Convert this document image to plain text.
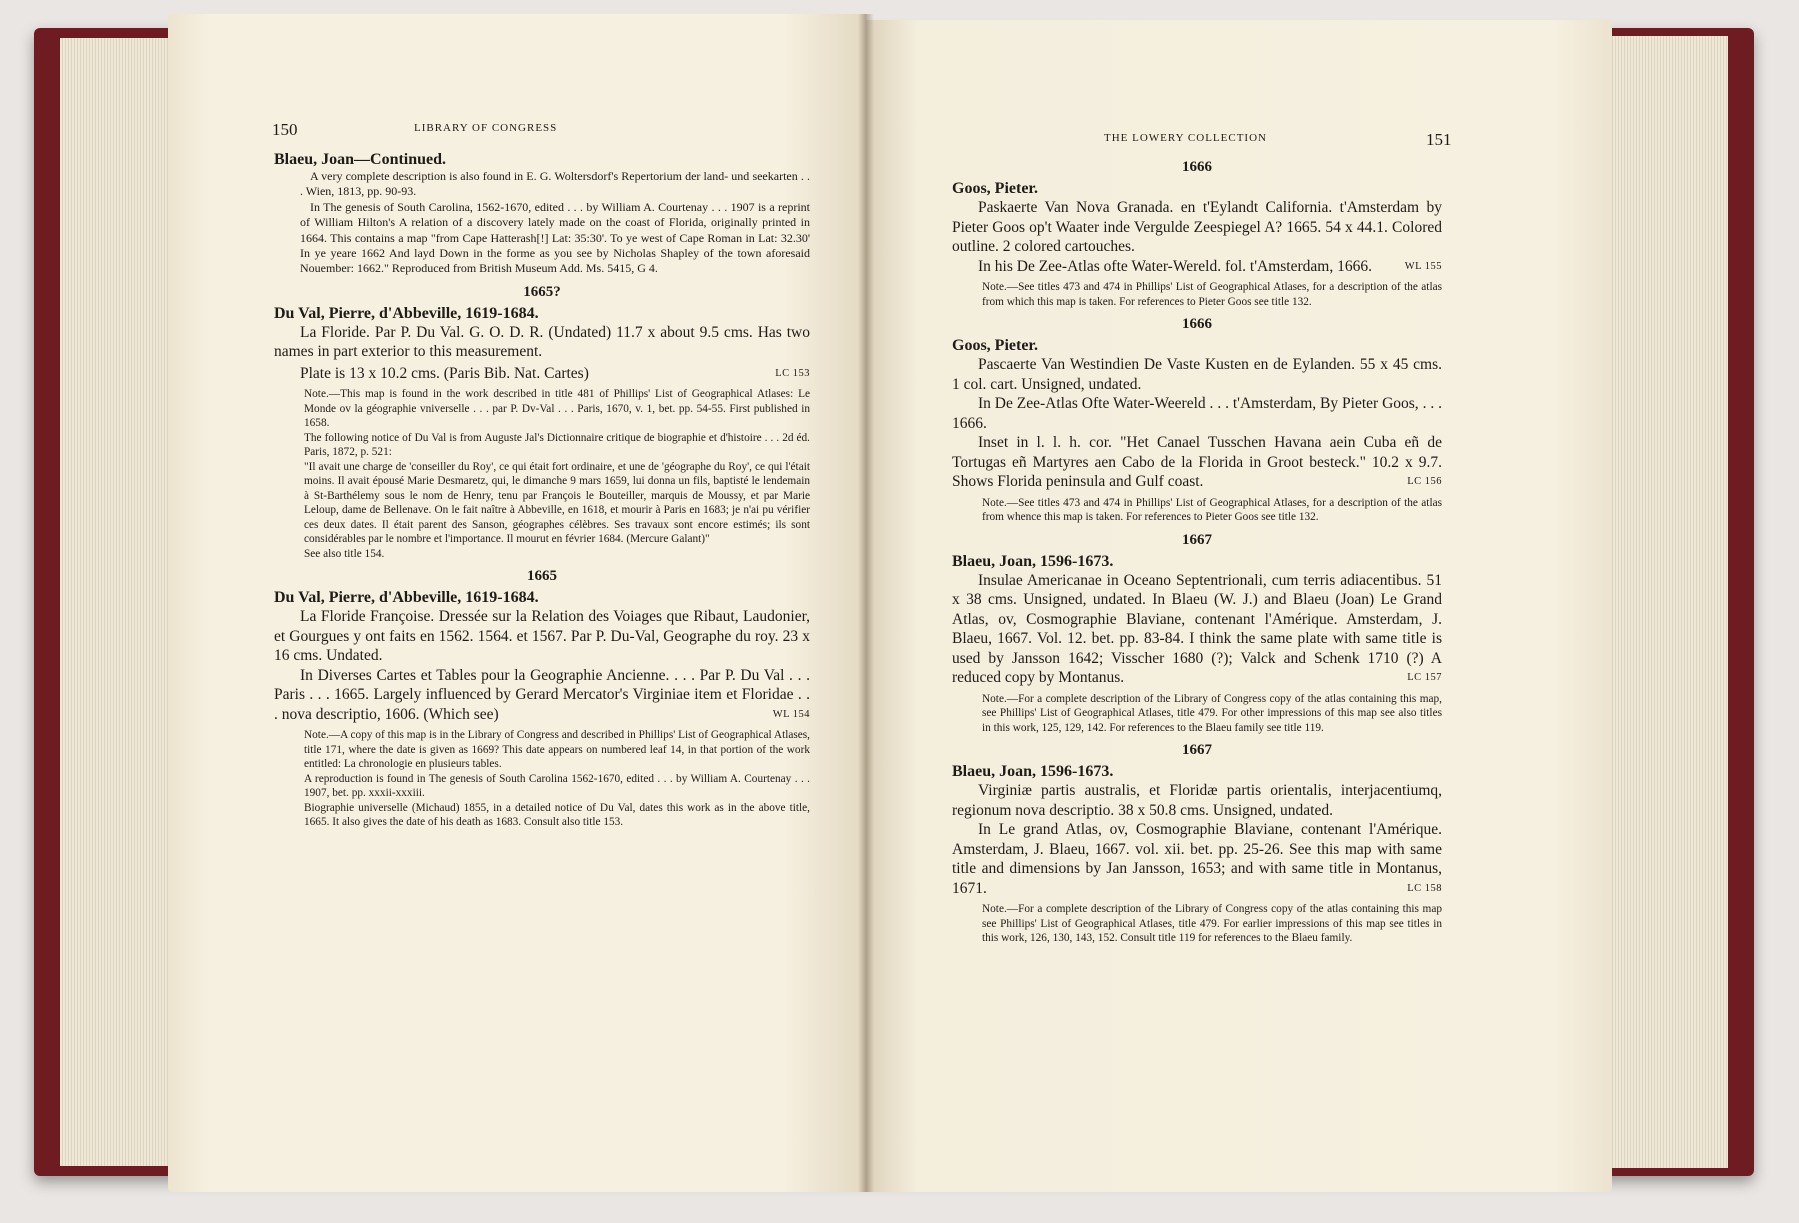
150	LIBRARY OF CONGRESS

Blaeu, Joan—Continued.

A very complete description is also found in E. G. Woltersdorf's Repertorium der land- und seekarten . . . Wien, 1813, pp. 90-93.

In The genesis of South Carolina, 1562-1670, edited . . . by William A. Courtenay . . . 1907 is a reprint of William Hilton's A relation of a discovery lately made on the coast of Florida, originally printed in 1664. This contains a map "from Cape Hatterash[!] Lat: 35:30'. To ye west of Cape Roman in Lat: 32.30' In ye yeare 1662 And layd Down in the forme as you see by Nicholas Shapley of the town aforesaid Nouember: 1662." Reproduced from British Museum Add. Ms. 5415, G 4.

1665?

Du Val, Pierre, d'Abbeville, 1619-1684.

La Floride. Par P. Du Val. G. O. D. R. (Undated) 11.7 x about 9.5 cms. Has two names in part exterior to this measurement.

Plate is 13 x 10.2 cms. (Paris Bib. Nat. Cartes)	LC 153

Note.—This map is found in the work described in title 481 of Phillips' List of Geographical Atlases: Le Monde ov la géographie vniverselle . . . par P. Dv-Val . . . Paris, 1670, v. 1, bet. pp. 54-55. First published in 1658.

The following notice of Du Val is from Auguste Jal's Dictionnaire critique de biographie et d'histoire . . . 2d éd. Paris, 1872, p. 521:

"Il avait une charge de 'conseiller du Roy', ce qui était fort ordinaire, et une de 'géographe du Roy', ce qui l'était moins. Il avait épousé Marie Desmaretz, qui, le dimanche 9 mars 1659, lui donna un fils, baptisté le lendemain à St-Barthélemy sous le nom de Henry, tenu par François le Bouteiller, marquis de Moussy, et par Marie Leloup, dame de Bellenave. On le fait naître à Abbeville, en 1618, et mourir à Paris en 1683; je n'ai pu vérifier ces deux dates. Il était parent des Sanson, géographes célèbres. Ses travaux sont encore estimés; ils sont considérables par le nombre et l'importance. Il mourut en février 1684. (Mercure Galant)"

See also title 154.

1665

Du Val, Pierre, d'Abbeville, 1619-1684.

La Floride Françoise. Dressée sur la Relation des Voiages que Ribaut, Laudonier, et Gourgues y ont faits en 1562. 1564. et 1567. Par P. Du-Val, Geographe du roy. 23 x 16 cms. Undated.

In Diverses Cartes et Tables pour la Geographie Ancienne. . . . Par P. Du Val . . . Paris . . . 1665. Largely influenced by Gerard Mercator's Virginiae item et Floridae . . . nova descriptio, 1606. (Which see)	WL 154

Note.—A copy of this map is in the Library of Congress and described in Phillips' List of Geographical Atlases, title 171, where the date is given as 1669? This date appears on numbered leaf 14, in that portion of the work entitled: La chronologie en plusieurs tables.

A reproduction is found in The genesis of South Carolina 1562-1670, edited . . . by William A. Courtenay . . . 1907, bet. pp. xxxii-xxxiii.

Biographie universelle (Michaud) 1855, in a detailed notice of Du Val, dates this work as in the above title, 1665. It also gives the date of his death as 1683. Consult also title 153.

THE LOWERY COLLECTION	151
1666

Goos, Pieter.

Paskaerte Van Nova Granada. en t'Eylandt California. t'Amsterdam by Pieter Goos op't Waater inde Vergulde Zeespiegel A? 1665. 54 x 44.1. Colored outline. 2 colored cartouches.

In his De Zee-Atlas ofte Water-Wereld. fol. t'Amsterdam, 1666.	WL 155

Note.—See titles 473 and 474 in Phillips' List of Geographical Atlases, for a description of the atlas from which this map is taken. For references to Pieter Goos see title 132.

1666

Goos, Pieter.

Pascaerte Van Westindien De Vaste Kusten en de Eylanden. 55 x 45 cms. 1 col. cart. Unsigned, undated.

In De Zee-Atlas Ofte Water-Weereld . . . t'Amsterdam, By Pieter Goos, . . . 1666.

Inset in l. l. h. cor. "Het Canael Tusschen Havana aein Cuba eñ de Tortugas eñ Martyres aen Cabo de la Florida in Groot besteck." 10.2 x 9.7. Shows Florida peninsula and Gulf coast.	LC 156

Note.—See titles 473 and 474 in Phillips' List of Geographical Atlases, for a description of the atlas from whence this map is taken. For references to Pieter Goos see title 132.

1667

Blaeu, Joan, 1596-1673.

Insulae Americanae in Oceano Septentrionali, cum terris adiacentibus. 51 x 38 cms. Unsigned, undated. In Blaeu (W. J.) and Blaeu (Joan) Le Grand Atlas, ov, Cosmographie Blaviane, contenant l'Amérique. Amsterdam, J. Blaeu, 1667. Vol. 12. bet. pp. 83-84. I think the same plate with same title is used by Jansson 1642; Visscher 1680 (?); Valck and Schenk 1710 (?) A reduced copy by Montanus.	LC 157

Note.—For a complete description of the Library of Congress copy of the atlas containing this map, see Phillips' List of Geographical Atlases, title 479. For other impressions of this map see also titles in this work, 125, 129, 142. For references to the Blaeu family see title 119.

1667

Blaeu, Joan, 1596-1673.

Virginiæ partis australis, et Floridæ partis orientalis, interjacentiumq, regionum nova descriptio. 38 x 50.8 cms. Unsigned, undated.

In Le grand Atlas, ov, Cosmographie Blaviane, contenant l'Amérique. Amsterdam, J. Blaeu, 1667. vol. xii. bet. pp. 25-26. See this map with same title and dimensions by Jan Jansson, 1653; and with same title in Montanus, 1671.	LC 158

Note.—For a complete description of the Library of Congress copy of the atlas containing this map see Phillips' List of Geographical Atlases, title 479. For earlier impressions of this map see titles in this work, 126, 130, 143, 152. Consult title 119 for references to the Blaeu family.
